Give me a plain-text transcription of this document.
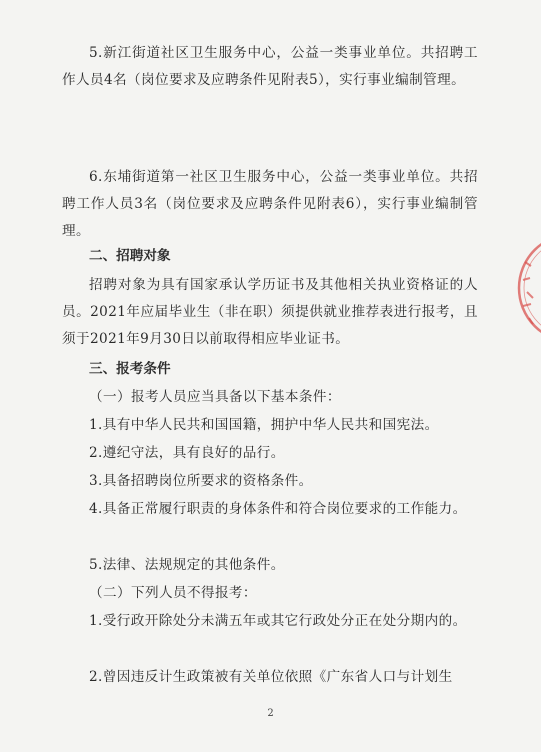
5.新江街道社区卫生服务中心，公益一类事业单位。共招聘工作人员4名（岗位要求及应聘条件见附表5），实行事业编制管理。

6.东埔街道第一社区卫生服务中心，公益一类事业单位。共招聘工作人员3名（岗位要求及应聘条件见附表6），实行事业编制管理。

二、招聘对象

招聘对象为具有国家承认学历证书及其他相关执业资格证的人员。2021年应届毕业生（非在职）须提供就业推荐表进行报考，且须于2021年9月30日以前取得相应毕业证书。

三、报考条件

（一）报考人员应当具备以下基本条件：

1.具有中华人民共和国国籍，拥护中华人民共和国宪法。

2.遵纪守法，具有良好的品行。

3.具备招聘岗位所要求的资格条件。

4.具备正常履行职责的身体条件和符合岗位要求的工作能力。

5.法律、法规规定的其他条件。

（二）下列人员不得报考：

1.受行政开除处分未满五年或其它行政处分正在处分期内的。

2.曾因违反计生政策被有关单位依照《广东省人口与计划生

2
